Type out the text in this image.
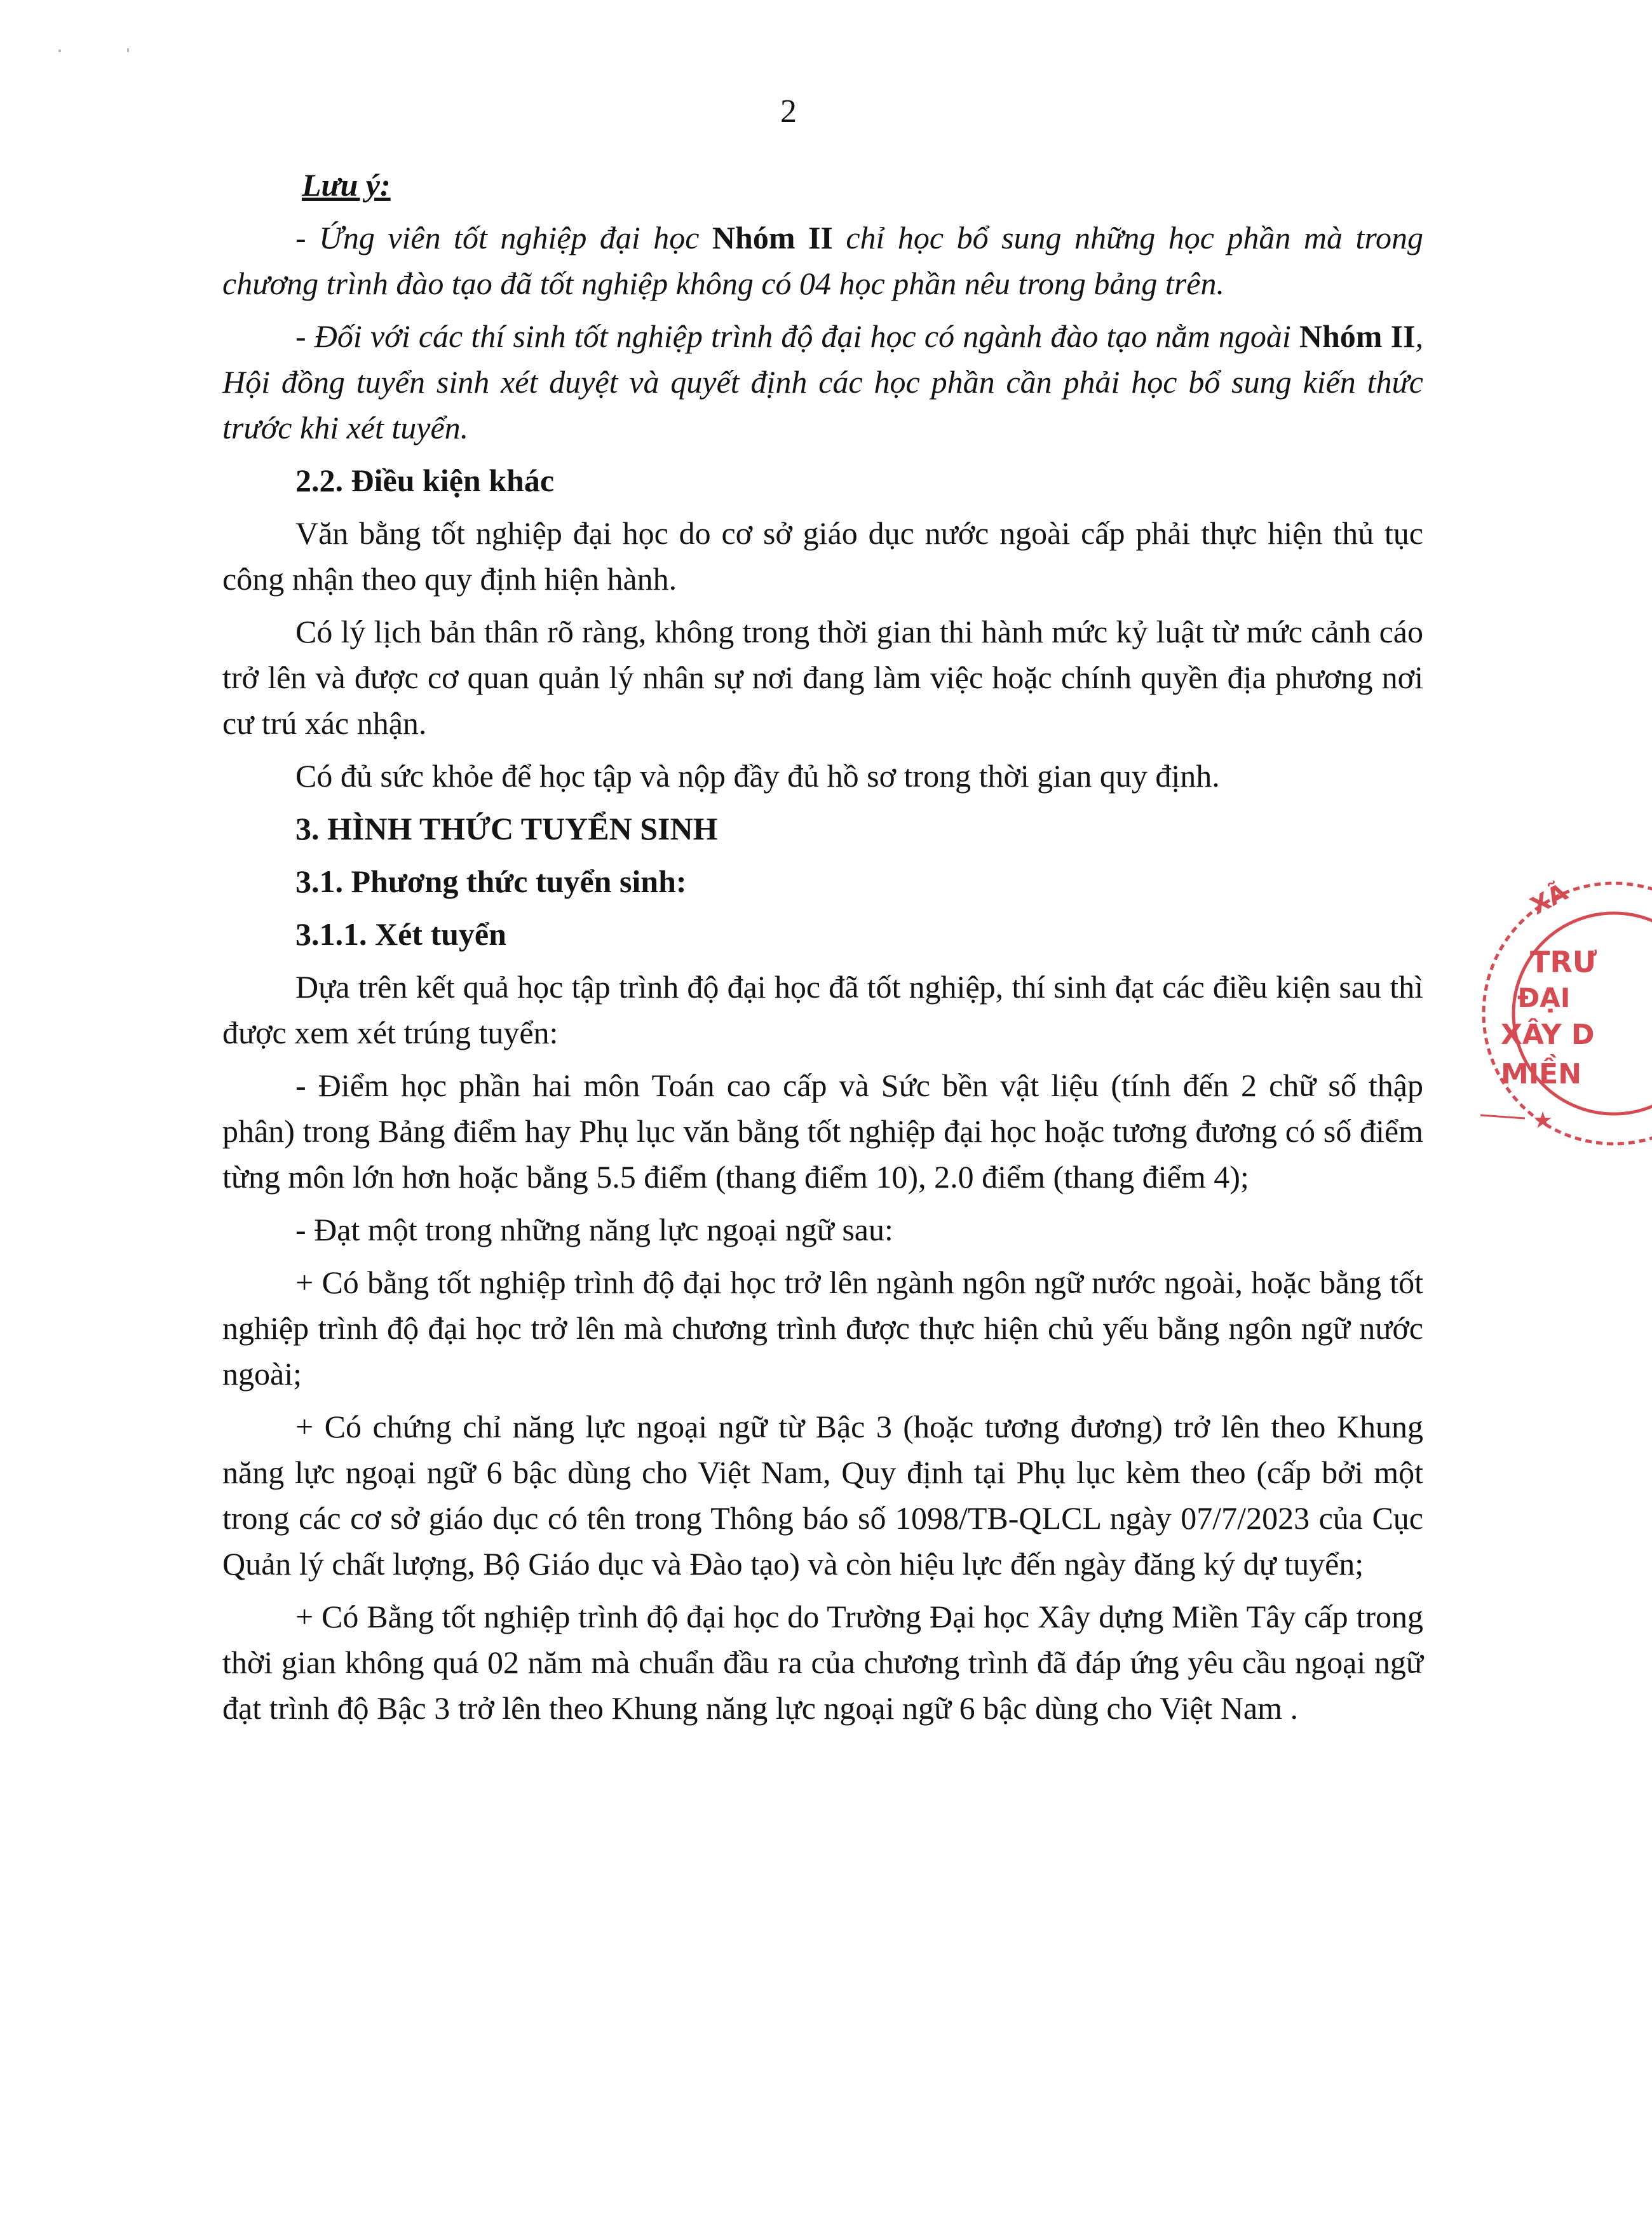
2

Lưu ý:

- Ứng viên tốt nghiệp đại học Nhóm II chỉ học bổ sung những học phần mà trong chương trình đào tạo đã tốt nghiệp không có 04 học phần nêu trong bảng trên.

- Đối với các thí sinh tốt nghiệp trình độ đại học có ngành đào tạo nằm ngoài Nhóm II, Hội đồng tuyển sinh xét duyệt và quyết định các học phần cần phải học bổ sung kiến thức trước khi xét tuyển.

2.2. Điều kiện khác

Văn bằng tốt nghiệp đại học do cơ sở giáo dục nước ngoài cấp phải thực hiện thủ tục công nhận theo quy định hiện hành.

Có lý lịch bản thân rõ ràng, không trong thời gian thi hành mức kỷ luật từ mức cảnh cáo trở lên và được cơ quan quản lý nhân sự nơi đang làm việc hoặc chính quyền địa phương nơi cư trú xác nhận.

Có đủ sức khỏe để học tập và nộp đầy đủ hồ sơ trong thời gian quy định.

3. HÌNH THỨC TUYỂN SINH

3.1. Phương thức tuyển sinh:

3.1.1. Xét tuyển

Dựa trên kết quả học tập trình độ đại học đã tốt nghiệp, thí sinh đạt các điều kiện sau thì được xem xét trúng tuyển:

- Điểm học phần hai môn Toán cao cấp và Sức bền vật liệu (tính đến 2 chữ số thập phân) trong Bảng điểm hay Phụ lục văn bằng tốt nghiệp đại học hoặc tương đương có số điểm từng môn lớn hơn hoặc bằng 5.5 điểm (thang điểm 10), 2.0 điểm (thang điểm 4);

- Đạt một trong những năng lực ngoại ngữ sau:

+ Có bằng tốt nghiệp trình độ đại học trở lên ngành ngôn ngữ nước ngoài, hoặc bằng tốt nghiệp trình độ đại học trở lên mà chương trình được thực hiện chủ yếu bằng ngôn ngữ nước ngoài;

+ Có chứng chỉ năng lực ngoại ngữ từ Bậc 3 (hoặc tương đương) trở lên theo Khung năng lực ngoại ngữ 6 bậc dùng cho Việt Nam, Quy định tại Phụ lục kèm theo (cấp bởi một trong các cơ sở giáo dục có tên trong Thông báo số 1098/TB-QLCL ngày 07/7/2023 của Cục Quản lý chất lượng, Bộ Giáo dục và Đào tạo) và còn hiệu lực đến ngày đăng ký dự tuyển;

+ Có Bằng tốt nghiệp trình độ đại học do Trường Đại học Xây dựng Miền Tây cấp trong thời gian không quá 02 năm mà chuẩn đầu ra của chương trình đã đáp ứng yêu cầu ngoại ngữ đạt trình độ Bậc 3 trở lên theo Khung năng lực ngoại ngữ 6 bậc dùng cho Việt Nam .

XÃ
TRƯ
ĐẠI
XÂY D
MIỀN
★
